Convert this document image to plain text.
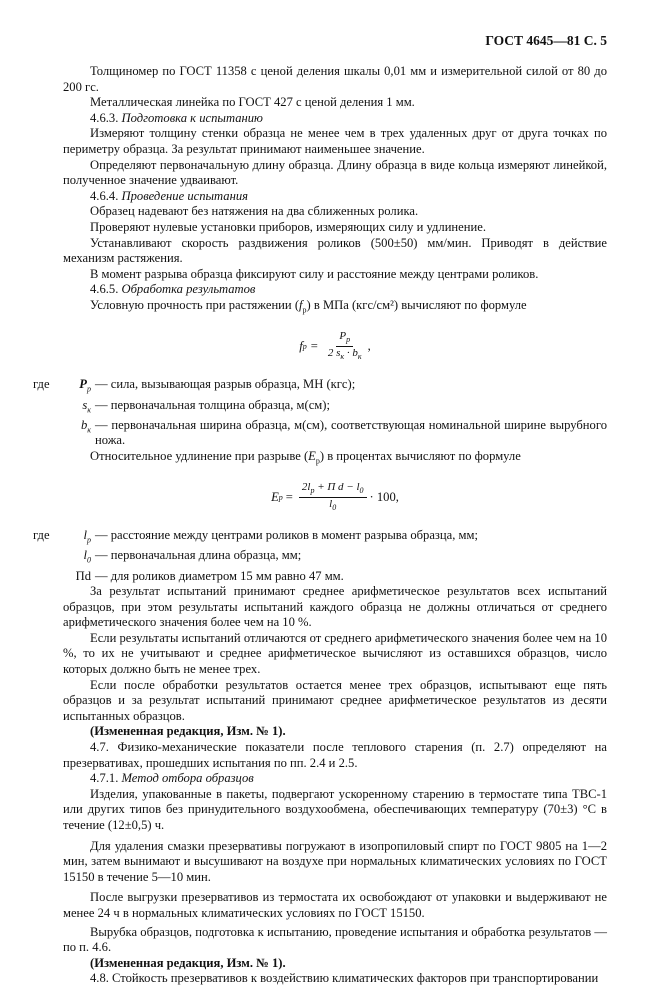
ГОСТ 4645—81 С. 5

Толщиномер по ГОСТ 11358 с ценой деления шкалы 0,01 мм и измерительной силой от 80 до 200 гс.

Металлическая линейка по ГОСТ 427 с ценой деления 1 мм.

4.6.3. Подготовка к испытанию

Измеряют толщину стенки образца не менее чем в трех удаленных друг от друга точках по периметру образца. За результат принимают наименьшее значение.

Определяют первоначальную длину образца. Длину образца в виде кольца измеряют линейкой, полученное значение удваивают.

4.6.4. Проведение испытания

Образец надевают без натяжения на два сближенных ролика.

Проверяют нулевые установки приборов, измеряющих силу и удлинение.

Устанавливают скорость раздвижения роликов (500±50) мм/мин. Приводят в действие механизм растяжения.

В момент разрыва образца фиксируют силу и расстояние между центрами роликов.

4.6.5. Обработка результатов

Условную прочность при растяжении $(f_p)$ в МПа (кгс/см²) вычисляют по формуле

f $p = \frac{P_p}{2 s_к \cdot b_к}$ ,
где	$P_p$ — сила, вызывающая разрыв образца, МН (кгс);
$s_к$ — первоначальная толщина образца, м(см);
$b_к$ — первоначальная ширина образца, м(см), соответствующая номинальной ширине вырубного ножа.

Относительное удлинение при разрыве $(E_p)$ в процентах вычисляют по формуле

E $p = \frac{2l_p + П d - l_0}{l_0} \cdot 100$,
где	$l_p$ — расстояние между центрами роликов в момент разрыва образца, мм;
$l_0$ — первоначальная длина образца, мм;
Пd — для роликов диаметром 15 мм равно 47 мм.

За результат испытаний принимают среднее арифметическое результатов всех испытаний образцов, при этом результаты испытаний каждого образца не должны отличаться от среднего арифметического значения более чем на 10 %.

Если результаты испытаний отличаются от среднего арифметического значения более чем на 10 %, то их не учитывают и среднее арифметическое вычисляют из оставшихся образцов, число которых должно быть не менее трех.

Если после обработки результатов остается менее трех образцов, испытывают еще пять образцов и за результат испытаний принимают среднее арифметическое результатов из десяти испытанных образцов.

(Измененная редакция, Изм. № 1).

4.7. Физико-механические показатели после теплового старения (п. 2.7) определяют на презервативах, прошедших испытания по пп. 2.4 и 2.5.

4.7.1. Метод отбора образцов

Изделия, упакованные в пакеты, подвергают ускоренному старению в термостате типа ТВС-1 или других типов без принудительного воздухообмена, обеспечивающих температуру (70±3) °С в течение (12±0,5) ч.

Для удаления смазки презервативы погружают в изопропиловый спирт по ГОСТ 9805 на 1—2 мин, затем вынимают и высушивают на воздухе при нормальных климатических условиях по ГОСТ 15150 в течение 5—10 мин.

После выгрузки презервативов из термостата их освобождают от упаковки и выдерживают не менее 24 ч в нормальных климатических условиях по ГОСТ 15150.

Вырубка образцов, подготовка к испытанию, проведение испытания и обработка результатов — по п. 4.6.

(Измененная редакция, Изм. № 1).

4.8. Стойкость презервативов к воздействию климатических факторов при транспортировании
